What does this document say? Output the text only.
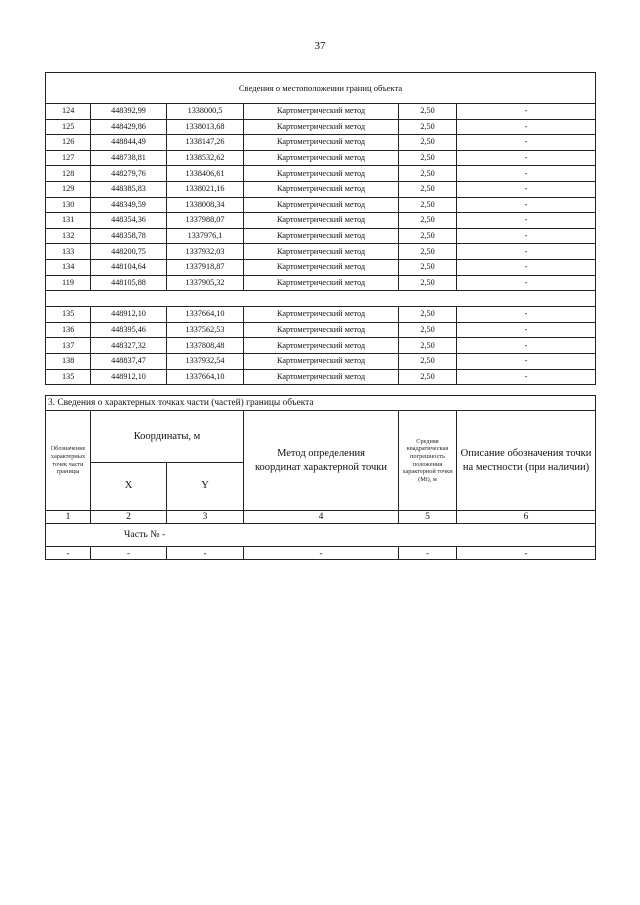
37
Сведения о местоположении границ объекта					
124	448392,99	1338000,5	Картометрический метод	2,50	-
125	448429,86	1338013,68	Картометрический метод	2,50	-
126	448844,49	1338147,26	Картометрический метод	2,50	-
127	448738,81	1338532,62	Картометрический метод	2,50	-
128	448279,76	1338406,61	Картометрический метод	2,50	-
129	448385,83	1338021,16	Картометрический метод	2,50	-
130	448349,59	1338008,34	Картометрический метод	2,50	-
131	448354,36	1337988,07	Картометрический метод	2,50	-
132	448358,78	1337976,1	Картометрический метод	2,50	-
133	448200,75	1337932,03	Картометрический метод	2,50	-
134	448104,64	1337918,87	Картометрический метод	2,50	-
119	448105,88	1337905,32	Картометрический метод	2,50	-

135	448912,10	1337664,10	Картометрический метод	2,50	-
136	448395,46	1337562,53	Картометрический метод	2,50	-
137	448327,32	1337808,48	Картометрический метод	2,50	-
138	448837,47	1337932,54	Картометрический метод	2,50	-
135	448912,10	1337664,10	Картометрический метод	2,50	-
3. Сведения о характерных точках части (частей) границы объекта					
Обозначение характерных точек части границы	Координаты, м		Метод определения координат характерной точки	Средняя квадратическая погрешность положения характерной точки (Mt), м	Описание обозначения точки на местности (при наличии)
	X	Y			
1	2	3	4	5	6
Часть № -					
-	-	-	-	-	-
